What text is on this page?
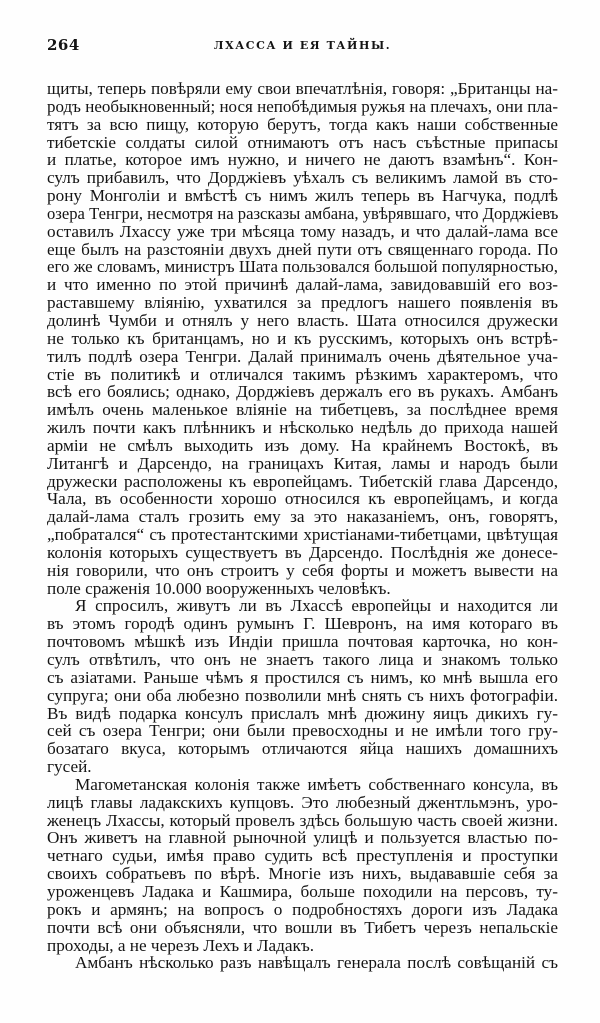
264	ЛХАССА И ЕЯ ТАЙНЫ.
щиты, теперь повѣряли ему свои впечатлѣнія, говоря: „Британцы на-
родъ необыкновенный; нося непобѣдимыя ружья на плечахъ, они пла-
тятъ за всю пищу, которую берутъ, тогда какъ наши собственные
тибетскіе солдаты силой отнимаютъ отъ насъ съѣстные припасы
и платье, которое имъ нужно, и ничего не даютъ взамѣнъ“. Кон-
сулъ прибавилъ, что Дорджіевъ уѣхалъ съ великимъ ламой въ сто-
рону Монголіи и вмѣстѣ съ нимъ жилъ теперь въ Нагчука, подлѣ
озера Тенгри, несмотря на разсказы амбана, увѣрявшаго, что Дорджіевъ
оставилъ Лхассу уже три мѣсяца тому назадъ, и что далай-лама все
еще былъ на разстояніи двухъ дней пути отъ священнаго города. По
его же словамъ, министръ Шата пользовался большой популярностью,
и что именно по этой причинѣ далай-лама, завидовавшій его воз-
раставшему вліянію, ухватился за предлогъ нашего появленія въ
долинѣ Чумби и отнялъ у него власть. Шата относился дружески
не только къ британцамъ, но и къ русскимъ, которыхъ онъ встрѣ-
тилъ подлѣ озера Тенгри. Далай принималъ очень дѣятельное уча-
стіе въ политикѣ и отличался такимъ рѣзкимъ характеромъ, что
всѣ его боялись; однако, Дорджіевъ держалъ его въ рукахъ. Амбанъ
имѣлъ очень маленькое вліяніе на тибетцевъ, за послѣднее время
жилъ почти какъ плѣнникъ и нѣсколько недѣль до прихода нашей
арміи не смѣлъ выходить изъ дому. На крайнемъ Востокѣ, въ
Литангѣ и Дарсендо, на границахъ Китая, ламы и народъ были
дружески расположены къ европейцамъ. Тибетскій глава Дарсендо,
Чала, въ особенности хорошо относился къ европейцамъ, и когда
далай-лама сталъ грозить ему за это наказаніемъ, онъ, говорятъ,
„побратался“ съ протестантскими христіанами-тибетцами, цвѣтущая
колонія которыхъ существуетъ въ Дарсендо. Послѣднія же донесе-
нія говорили, что онъ строитъ у себя форты и можетъ вывести на
поле сраженія 10.000 вооруженныхъ человѣкъ.
Я спросилъ, живутъ ли въ Лхассѣ европейцы и находится ли
въ этомъ городѣ одинъ румынъ Г. Шевронъ, на имя котораго въ
почтовомъ мѣшкѣ изъ Индіи пришла почтовая карточка, но кон-
сулъ отвѣтилъ, что онъ не знаетъ такого лица и знакомъ только
съ азіатами. Раньше чѣмъ я простился съ нимъ, ко мнѣ вышла его
супруга; они оба любезно позволили мнѣ снять съ нихъ фотографіи.
Въ видѣ подарка консулъ прислалъ мнѣ дюжину яицъ дикихъ гу-
сей съ озера Тенгри; они были превосходны и не имѣли того гру-
бозатаго вкуса, которымъ отличаются яйца нашихъ домашнихъ
гусей.
Магометанская колонія также имѣетъ собственнаго консула, въ
лицѣ главы ладакскихъ купцовъ. Это любезный джентльмэнъ, уро-
женецъ Лхассы, который провелъ здѣсь большую часть своей жизни.
Онъ живетъ на главной рыночной улицѣ и пользуется властью по-
четнаго судьи, имѣя право судить всѣ преступленія и проступки
своихъ собратьевъ по вѣрѣ. Многіе изъ нихъ, выдававшіе себя за
уроженцевъ Ладака и Кашмира, больше походили на персовъ, ту-
рокъ и армянъ; на вопросъ о подробностяхъ дороги изъ Ладака
почти всѣ они объясняли, что вошли въ Тибетъ черезъ непальскіе
проходы, а не черезъ Лехъ и Ладакъ.
Амбанъ нѣсколько разъ навѣщалъ генерала послѣ совѣщаній съ
